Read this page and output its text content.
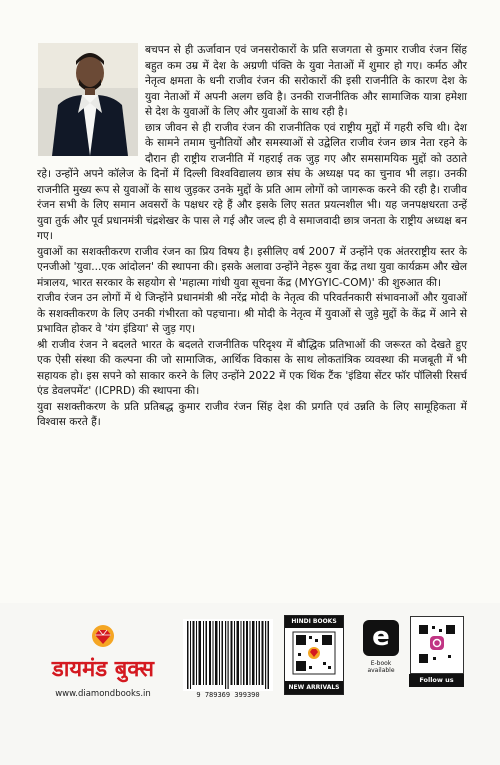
बचपन से ही ऊर्जावान एवं जनसरोकारों के प्रति सजगता से कुमार राजीव रंजन सिंह बहुत कम उम्र में देश के अग्रणी पंक्ति के युवा नेताओं में शुमार हो गए। कर्मठ और नेतृत्व क्षमता के धनी राजीव रंजन की सरोकारों की इसी राजनीति के कारण देश के युवा नेताओं में अपनी अलग छवि है। उनकी राजनीतिक और सामाजिक यात्रा हमेशा से देश के युवाओं के लिए और युवाओं के साथ रही है।

छात्र जीवन से ही राजीव रंजन की राजनीतिक एवं राष्ट्रीय मुद्दों में गहरी रुचि थी। देश के सामने तमाम चुनौतियों और समस्याओं से उद्वेलित राजीव रंजन छात्र नेता रहने के दौरान ही राष्ट्रीय राजनीति में गहराई तक जुड़ गए और समसामयिक मुद्दों को उठाते रहे। उन्होंने अपने कॉलेज के दिनों में दिल्ली विश्वविद्यालय छात्र संघ के अध्यक्ष पद का चुनाव भी लड़ा। उनकी राजनीति मुख्य रूप से युवाओं के साथ जुड़कर उनके मुद्दों के प्रति आम लोगों को जागरूक करने की रही है। राजीव रंजन सभी के लिए समान अवसरों के पक्षधर रहे हैं और इसके लिए सतत प्रयत्नशील भी। यह जनपक्षधरता उन्हें युवा तुर्क और पूर्व प्रधानमंत्री चंद्रशेखर के पास ले गई और जल्द ही वे समाजवादी छात्र जनता के राष्ट्रीय अध्यक्ष बन गए।

युवाओं का सशक्तीकरण राजीव रंजन का प्रिय विषय है। इसीलिए वर्ष 2007 में उन्होंने एक अंतरराष्ट्रीय स्तर के एनजीओ 'युवा...एक आंदोलन' की स्थापना की। इसके अलावा उन्होंने नेहरू युवा केंद्र तथा युवा कार्यक्रम और खेल मंत्रालय, भारत सरकार के सहयोग से 'महात्मा गांधी युवा सूचना केंद्र (MYGYIC-COM)' की शुरुआत की।

राजीव रंजन उन लोगों में थे जिन्होंने प्रधानमंत्री श्री नरेंद्र मोदी के नेतृत्व की परिवर्तनकारी संभावनाओं और युवाओं के सशक्तीकरण के लिए उनकी गंभीरता को पहचाना। श्री मोदी के नेतृत्व में युवाओं से जुड़े मुद्दों के केंद्र में आने से प्रभावित होकर वे 'यंग इंडिया' से जुड़ गए।

श्री राजीव रंजन ने बदलते भारत के बदलते राजनीतिक परिदृश्य में बौद्धिक प्रतिभाओं की जरूरत को देखते हुए एक ऐसी संस्था की कल्पना की जो सामाजिक, आर्थिक विकास के साथ लोकतांत्रिक व्यवस्था की मजबूती में भी सहायक हो। इस सपने को साकार करने के लिए उन्होंने 2022 में एक थिंक टैंक 'इंडिया सेंटर फॉर पॉलिसी रिसर्च एंड डेवलपमेंट' (ICPRD) की स्थापना की।

युवा सशक्तीकरण के प्रति प्रतिबद्ध कुमार राजीव रंजन सिंह देश की प्रगति एवं उन्नति के लिए सामूहिकता में विश्वास करते हैं।

डायमंड बुक्स
www.diamondbooks.in	9 789369 399390
HINDI BOOKS
NEW ARRIVALS
e
E-book available
Follow us
